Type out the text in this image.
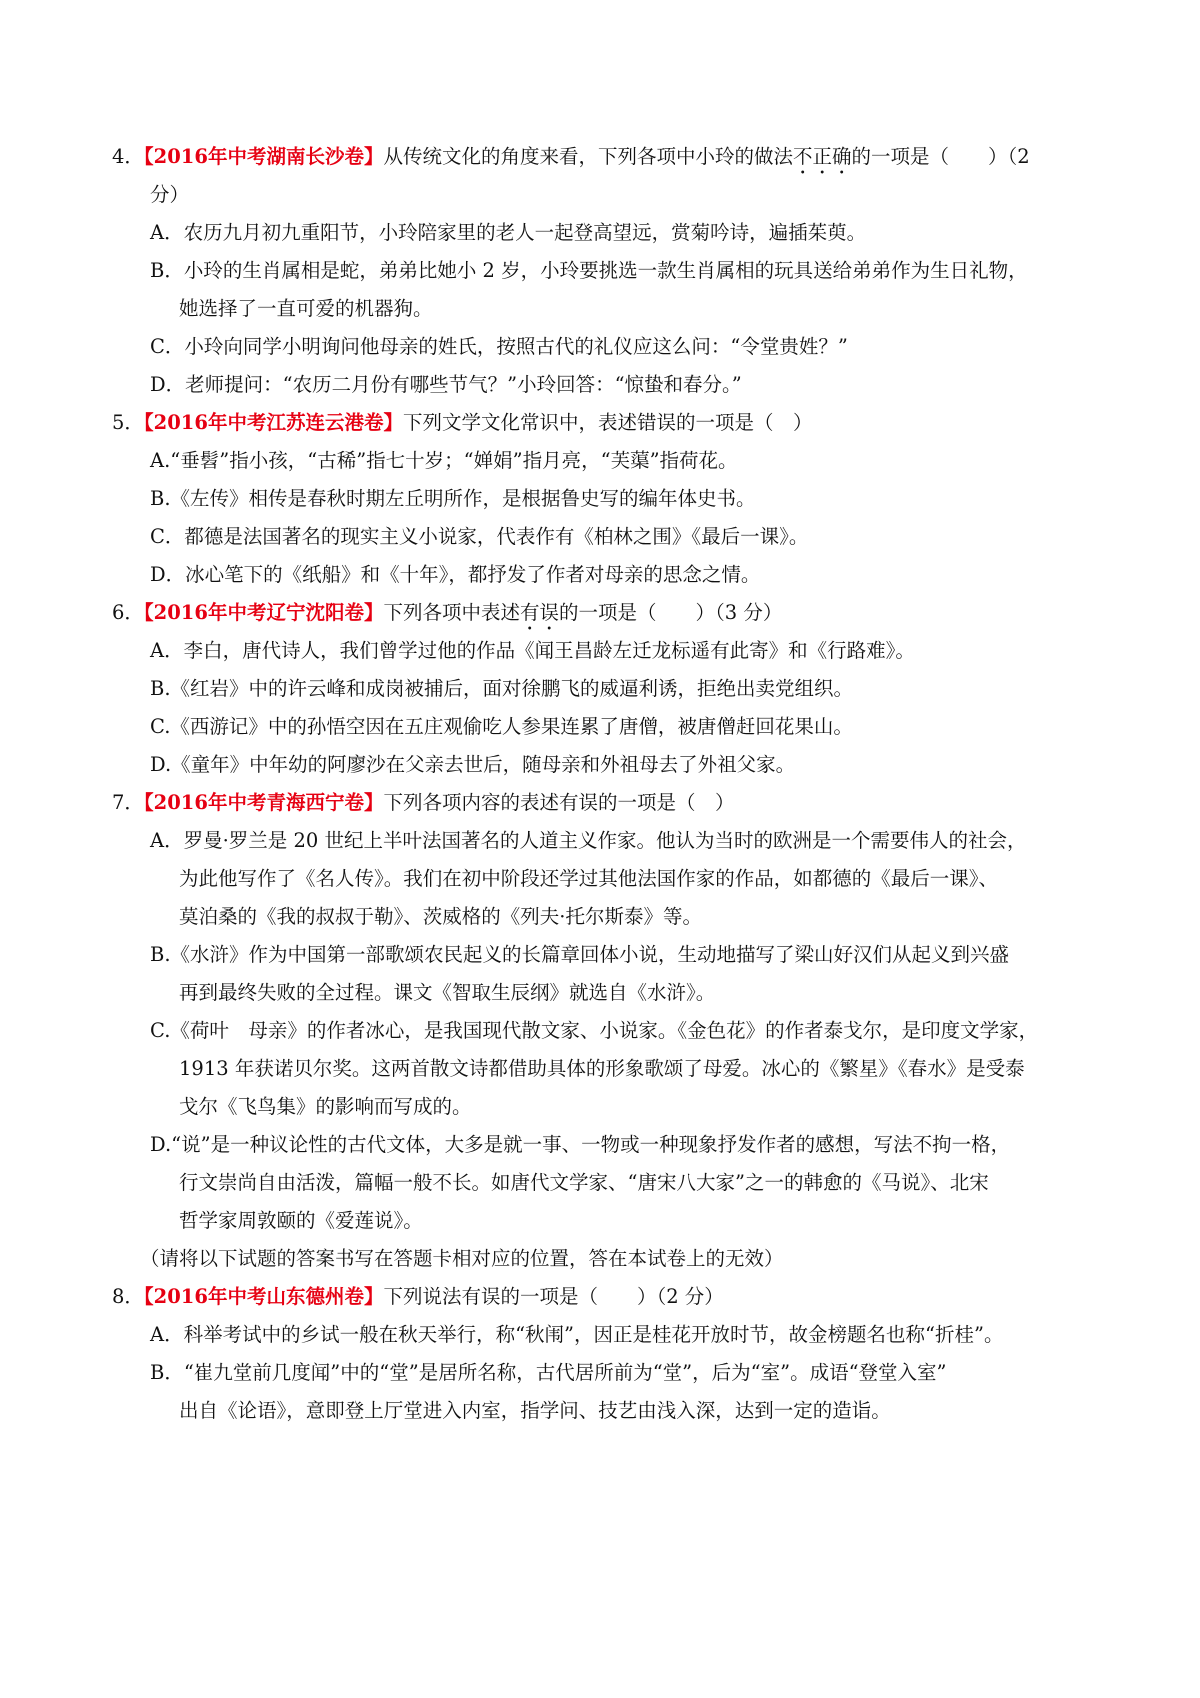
4．【2016年中考湖南长沙卷】从传统文化的角度来看，下列各项中小玲的做法不正确的一项是（　　）（2
分）
A．农历九月初九重阳节，小玲陪家里的老人一起登高望远，赏菊吟诗，遍插茱萸。
B．小玲的生肖属相是蛇，弟弟比她小 2 岁，小玲要挑选一款生肖属相的玩具送给弟弟作为生日礼物，
她选择了一直可爱的机器狗。
C．小玲向同学小明询问他母亲的姓氏，按照古代的礼仪应这么问：“令堂贵姓？”
D．老师提问：“农历二月份有哪些节气？”小玲回答：“惊蛰和春分。”
5．【2016年中考江苏连云港卷】下列文学文化常识中，表述错误的一项是（　）
A.“垂髫”指小孩，“古稀”指七十岁；“婵娟”指月亮，“芙蕖”指荷花。
B.《左传》相传是春秋时期左丘明所作，是根据鲁史写的编年体史书。
C．都德是法国著名的现实主义小说家，代表作有《柏林之围》《最后一课》。
D．冰心笔下的《纸船》和《十年》，都抒发了作者对母亲的思念之情。
6．【2016年中考辽宁沈阳卷】下列各项中表述有误的一项是（　　）（3 分）
A．李白，唐代诗人，我们曾学过他的作品《闻王昌龄左迁龙标遥有此寄》和《行路难》。
B.《红岩》中的许云峰和成岗被捕后，面对徐鹏飞的威逼利诱，拒绝出卖党组织。
C.《西游记》中的孙悟空因在五庄观偷吃人参果连累了唐僧，被唐僧赶回花果山。
D.《童年》中年幼的阿廖沙在父亲去世后，随母亲和外祖母去了外祖父家。
7．【2016年中考青海西宁卷】下列各项内容的表述有误的一项是（　）
A．罗曼·罗兰是 20 世纪上半叶法国著名的人道主义作家。他认为当时的欧洲是一个需要伟人的社会，
为此他写作了《名人传》。我们在初中阶段还学过其他法国作家的作品，如都德的《最后一课》、
莫泊桑的《我的叔叔于勒》、茨威格的《列夫·托尔斯泰》等。
B.《水浒》作为中国第一部歌颂农民起义的长篇章回体小说，生动地描写了梁山好汉们从起义到兴盛
再到最终失败的全过程。课文《智取生辰纲》就选自《水浒》。
C.《荷叶　母亲》的作者冰心，是我国现代散文家、小说家。《金色花》的作者泰戈尔，是印度文学家，
1913 年获诺贝尔奖。这两首散文诗都借助具体的形象歌颂了母爱。冰心的《繁星》《春水》是受泰
戈尔《飞鸟集》的影响而写成的。
D.“说”是一种议论性的古代文体，大多是就一事、一物或一种现象抒发作者的感想，写法不拘一格，
行文崇尚自由活泼，篇幅一般不长。如唐代文学家、“唐宋八大家”之一的韩愈的《马说》、北宋
哲学家周敦颐的《爱莲说》。
（请将以下试题的答案书写在答题卡相对应的位置，答在本试卷上的无效）
8．【2016年中考山东德州卷】下列说法有误的一项是（　　）（2 分）
A．科举考试中的乡试一般在秋天举行，称“秋闱”，因正是桂花开放时节，故金榜题名也称“折桂”。
B．“崔九堂前几度闻”中的“堂”是居所名称，古代居所前为“堂”，后为“室”。成语“登堂入室”
出自《论语》，意即登上厅堂进入内室，指学问、技艺由浅入深，达到一定的造诣。
